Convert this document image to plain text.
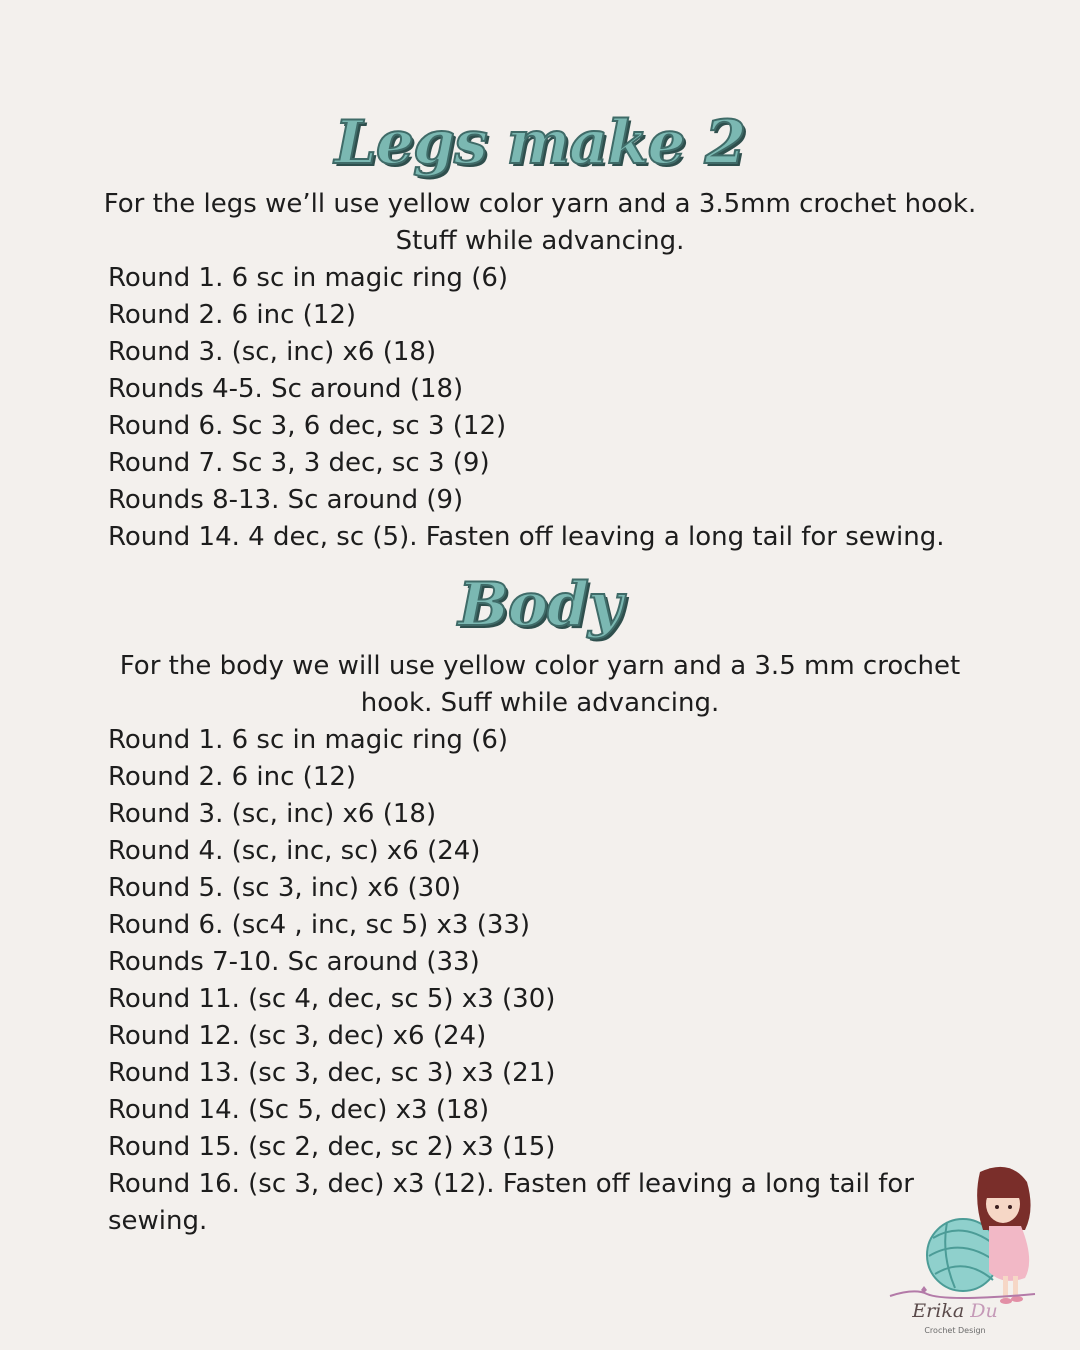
Legs make 2
For the legs we’ll use yellow color yarn and a 3.5mm crochet hook. Stuff while advancing.
Round 1. 6 sc in magic ring (6)
Round 2. 6 inc (12)
Round 3. (sc, inc) x6 (18)
Rounds 4-5. Sc around (18)
Round 6. Sc 3, 6 dec, sc 3 (12)
Round 7. Sc 3, 3 dec, sc 3 (9)
Rounds 8-13. Sc around (9)
Round 14. 4 dec, sc (5). Fasten off leaving a long tail for sewing.
Body
For the body we will use yellow color yarn and a 3.5 mm crochet hook. Suff while advancing.
Round 1. 6 sc in magic ring (6)
Round 2. 6 inc (12)
Round 3. (sc, inc) x6 (18)
Round 4. (sc, inc, sc) x6 (24)
Round 5. (sc 3, inc) x6 (30)
Round 6. (sc4 , inc, sc 5) x3 (33)
Rounds 7-10. Sc around (33)
Round 11. (sc 4, dec, sc 5) x3 (30)
Round 12. (sc 3, dec) x6 (24)
Round 13. (sc 3, dec, sc 3) x3 (21)
Round 14. (Sc 5, dec) x3 (18)
Round 15. (sc 2, dec, sc 2) x3 (15)
Round 16. (sc 3, dec) x3 (12). Fasten off leaving a long tail for sewing.
Erika Du
Crochet Design
